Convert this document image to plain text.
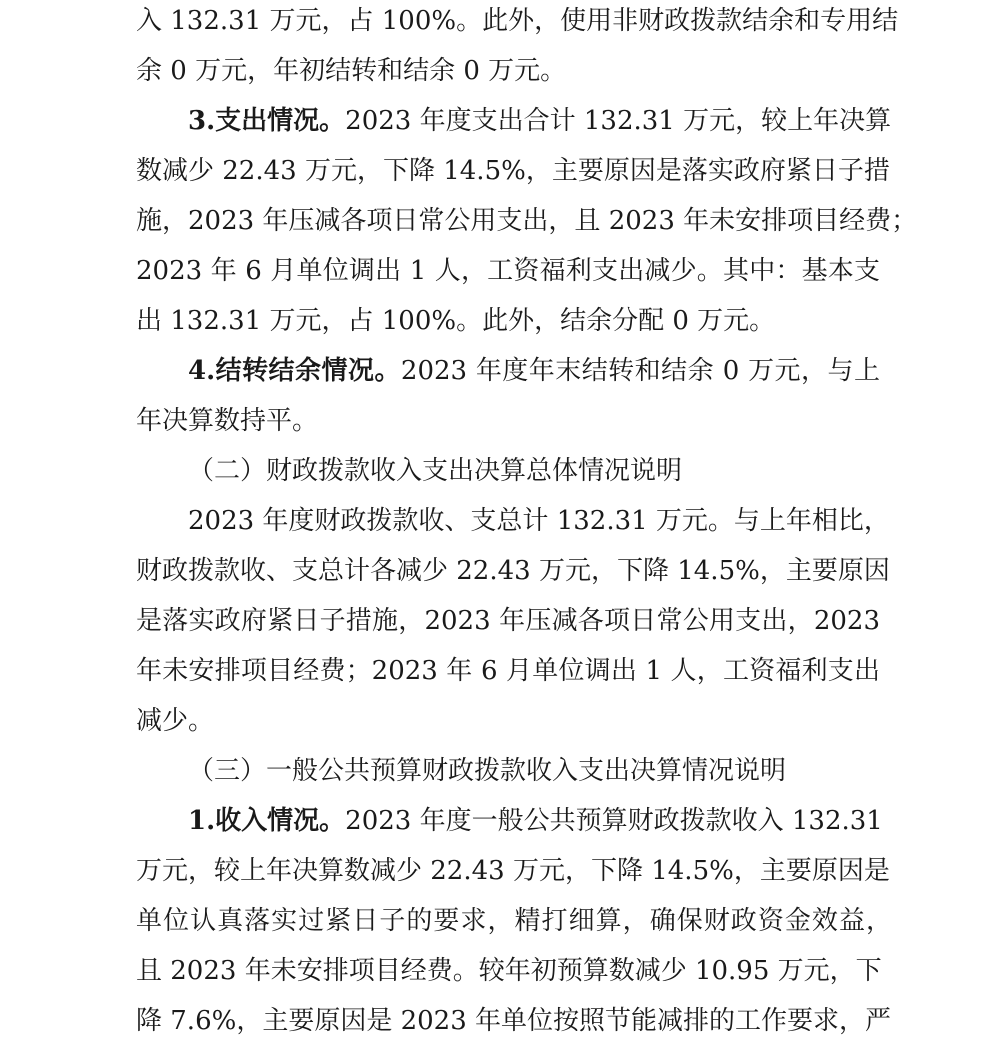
入 132.31 万元，占 100%。此外，使用非财政拨款结余和专用结
余 0 万元，年初结转和结余 0 万元。
3.支出情况。2023 年度支出合计 132.31 万元，较上年决算
数减少 22.43 万元，下降 14.5%，主要原因是落实政府紧日子措
施，2023 年压减各项日常公用支出，且 2023 年未安排项目经费；
2023 年 6 月单位调出 1 人，工资福利支出减少。其中：基本支
出 132.31 万元，占 100%。此外，结余分配 0 万元。
4.结转结余情况。2023 年度年末结转和结余 0 万元，与上
年决算数持平。
（二）财政拨款收入支出决算总体情况说明
2023 年度财政拨款收、支总计 132.31 万元。与上年相比，
财政拨款收、支总计各减少 22.43 万元，下降 14.5%，主要原因
是落实政府紧日子措施，2023 年压减各项日常公用支出，2023
年未安排项目经费；2023 年 6 月单位调出 1 人，工资福利支出
减少。
（三）一般公共预算财政拨款收入支出决算情况说明
1.收入情况。2023 年度一般公共预算财政拨款收入 132.31
万元，较上年决算数减少 22.43 万元，下降 14.5%，主要原因是
单位认真落实过紧日子的要求，精打细算，确保财政资金效益，
且 2023 年未安排项目经费。较年初预算数减少 10.95 万元，下
降 7.6%，主要原因是 2023 年单位按照节能减排的工作要求，严
